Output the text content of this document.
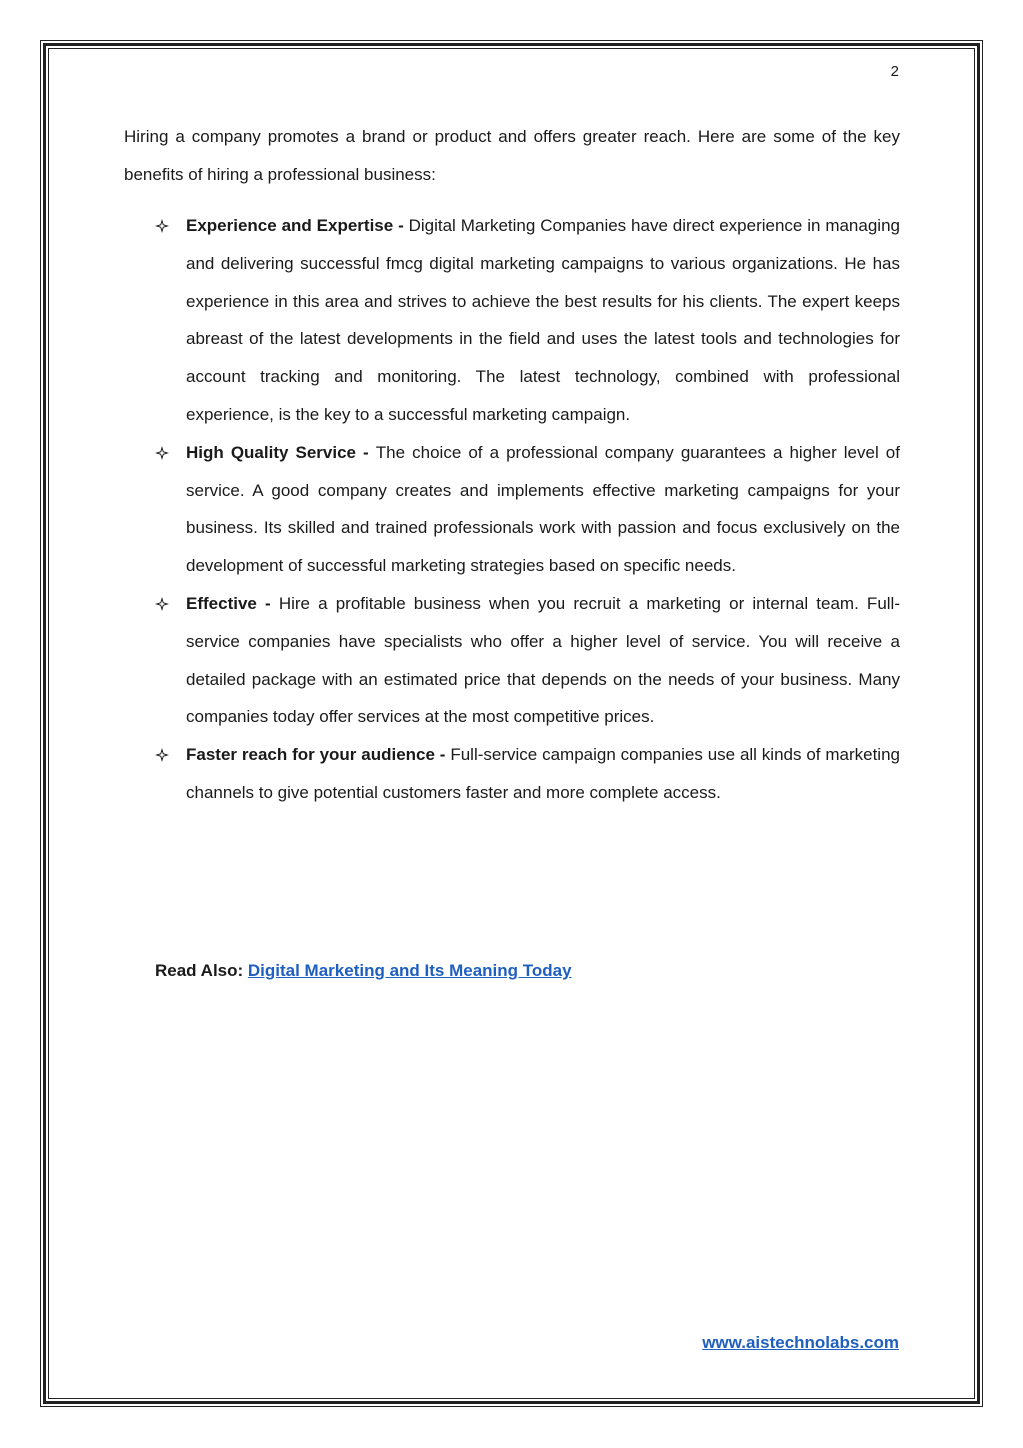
2

Hiring a company promotes a brand or product and offers greater reach. Here are some of the key benefits of hiring a professional business:

Experience and Expertise - Digital Marketing Companies have direct experience in managing and delivering successful fmcg digital marketing campaigns to various organizations. He has experience in this area and strives to achieve the best results for his clients. The expert keeps abreast of the latest developments in the field and uses the latest tools and technologies for account tracking and monitoring. The latest technology, combined with professional experience, is the key to a successful marketing campaign.
High Quality Service - The choice of a professional company guarantees a higher level of service. A good company creates and implements effective marketing campaigns for your business. Its skilled and trained professionals work with passion and focus exclusively on the development of successful marketing strategies based on specific needs.
Effective - Hire a profitable business when you recruit a marketing or internal team. Full-service companies have specialists who offer a higher level of service. You will receive a detailed package with an estimated price that depends on the needs of your business. Many companies today offer services at the most competitive prices.
Faster reach for your audience - Full-service campaign companies use all kinds of marketing channels to give potential customers faster and more complete access.
Read Also: Digital Marketing and Its Meaning Today
www.aistechnolabs.com
